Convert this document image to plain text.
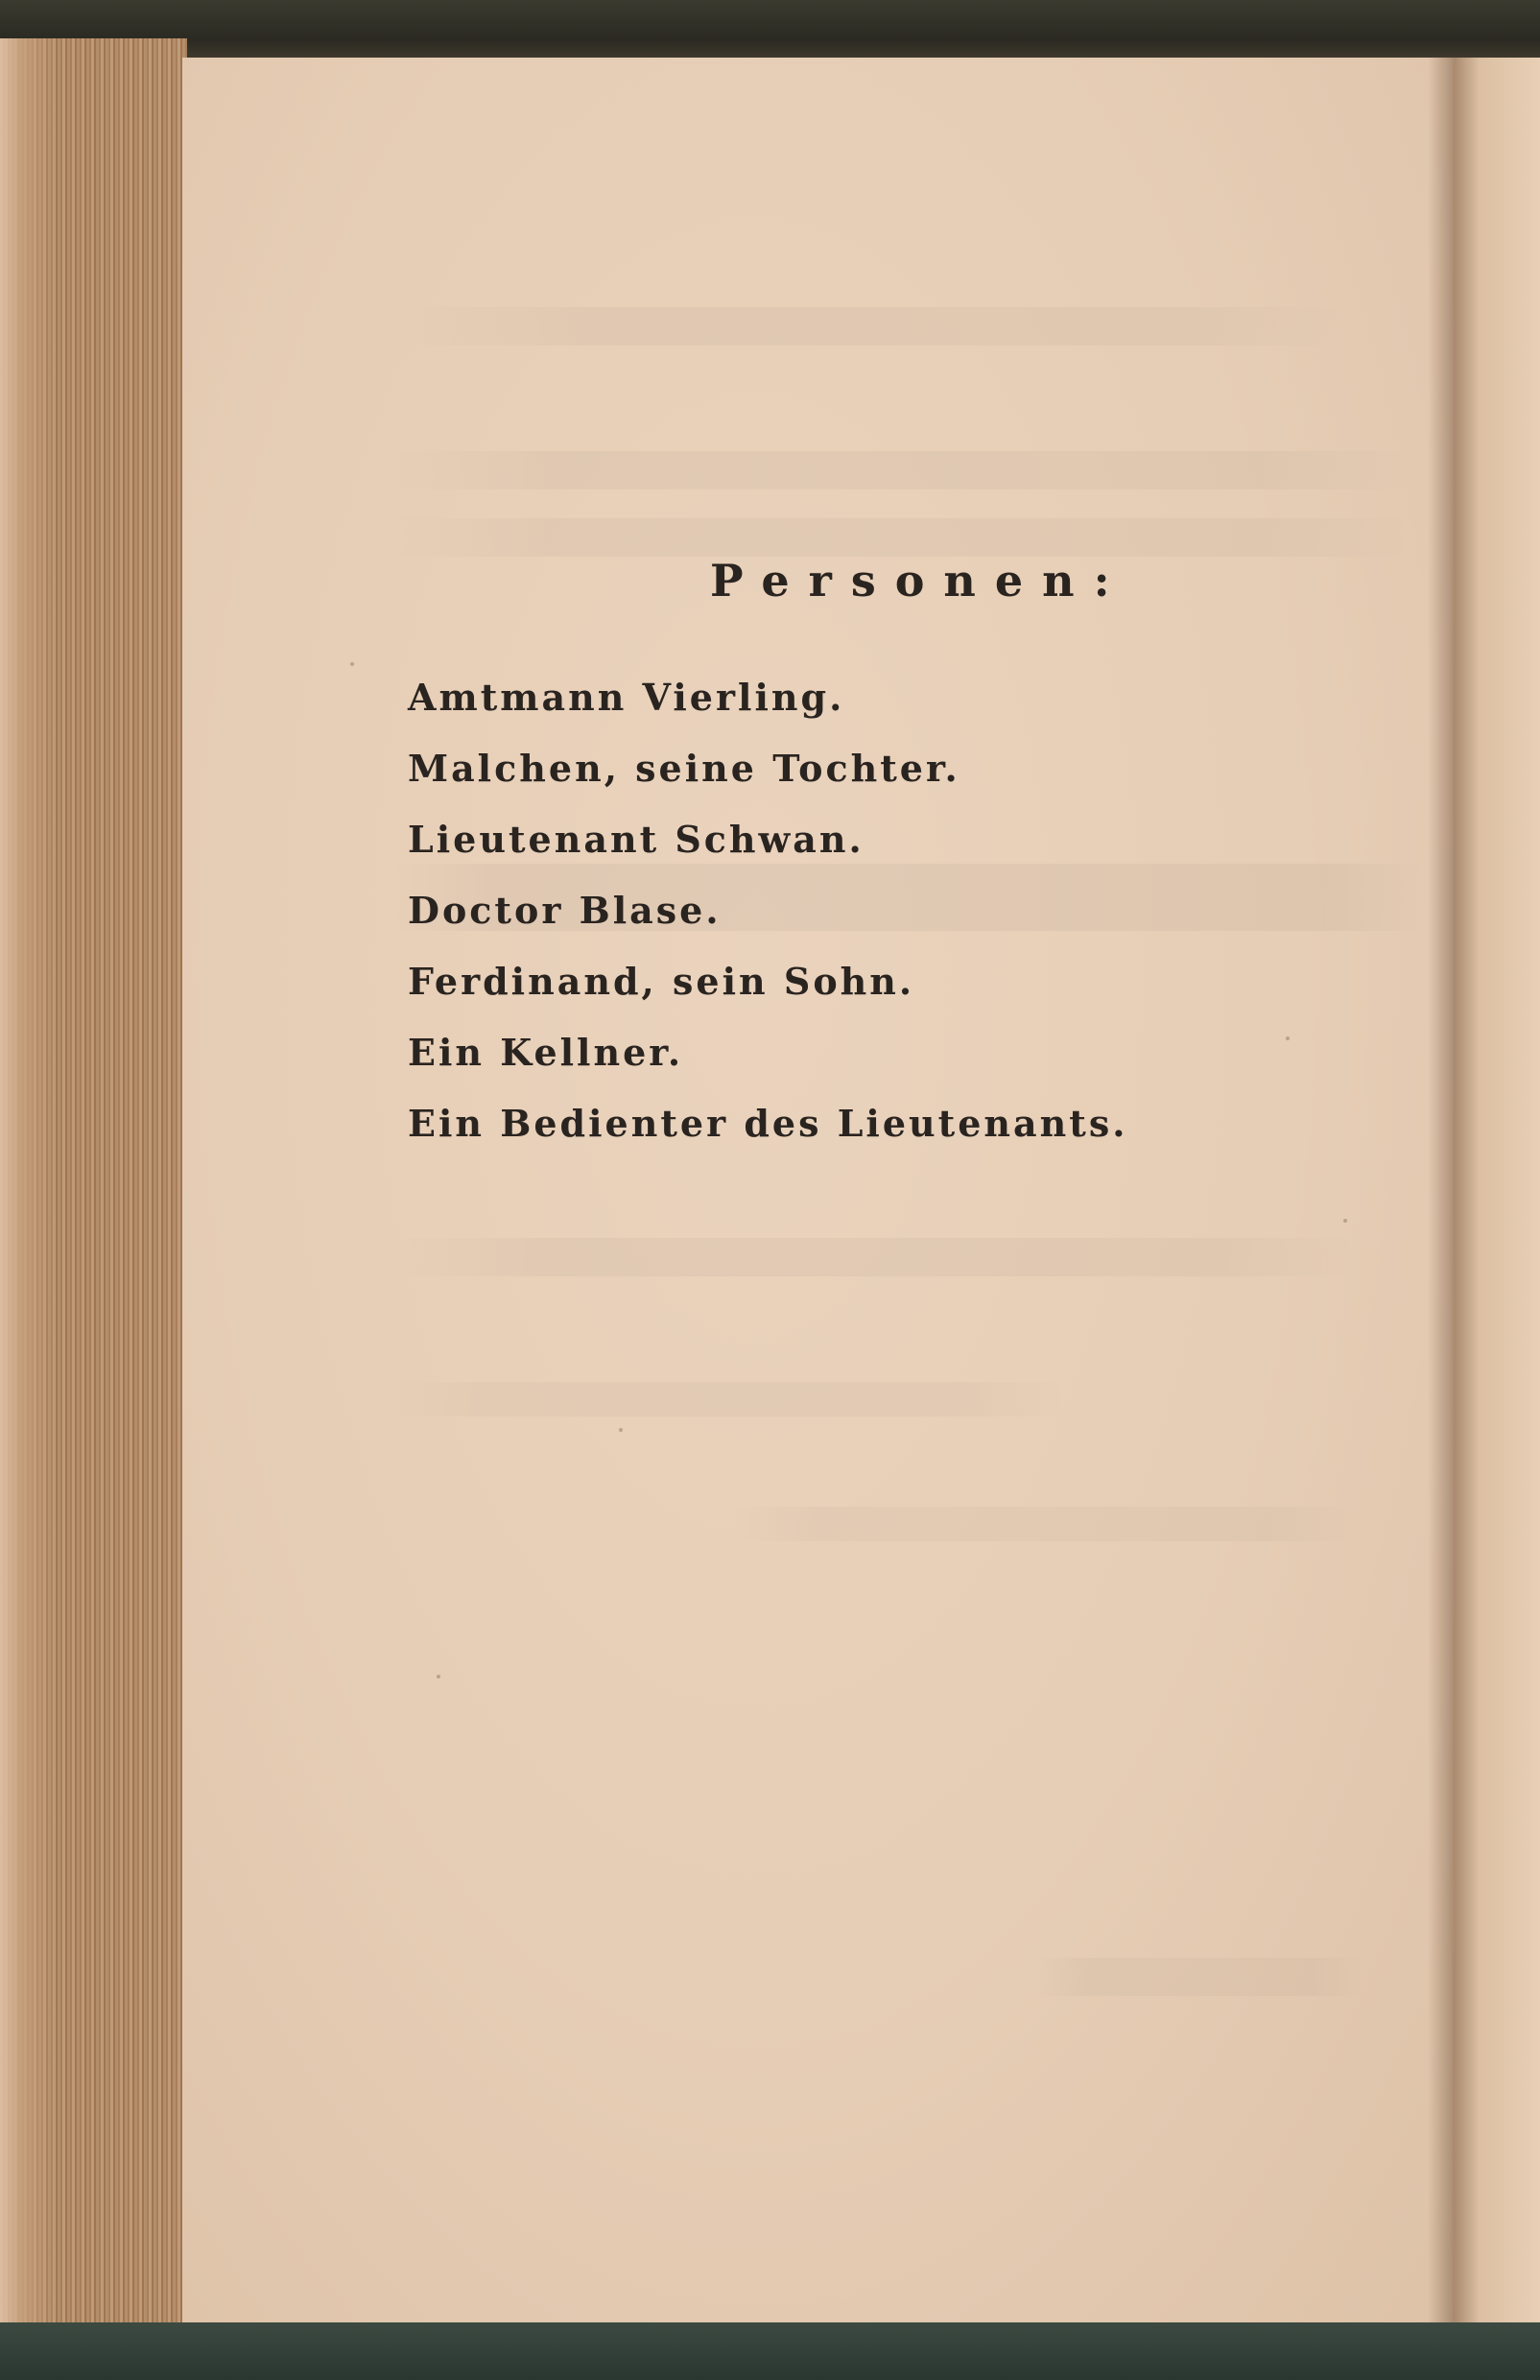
Personen:
Amtmann Vierling.
Malchen, seine Tochter.
Lieutenant Schwan.
Doctor Blase.
Ferdinand, sein Sohn.
Ein Kellner.
Ein Bedienter des Lieutenants.
